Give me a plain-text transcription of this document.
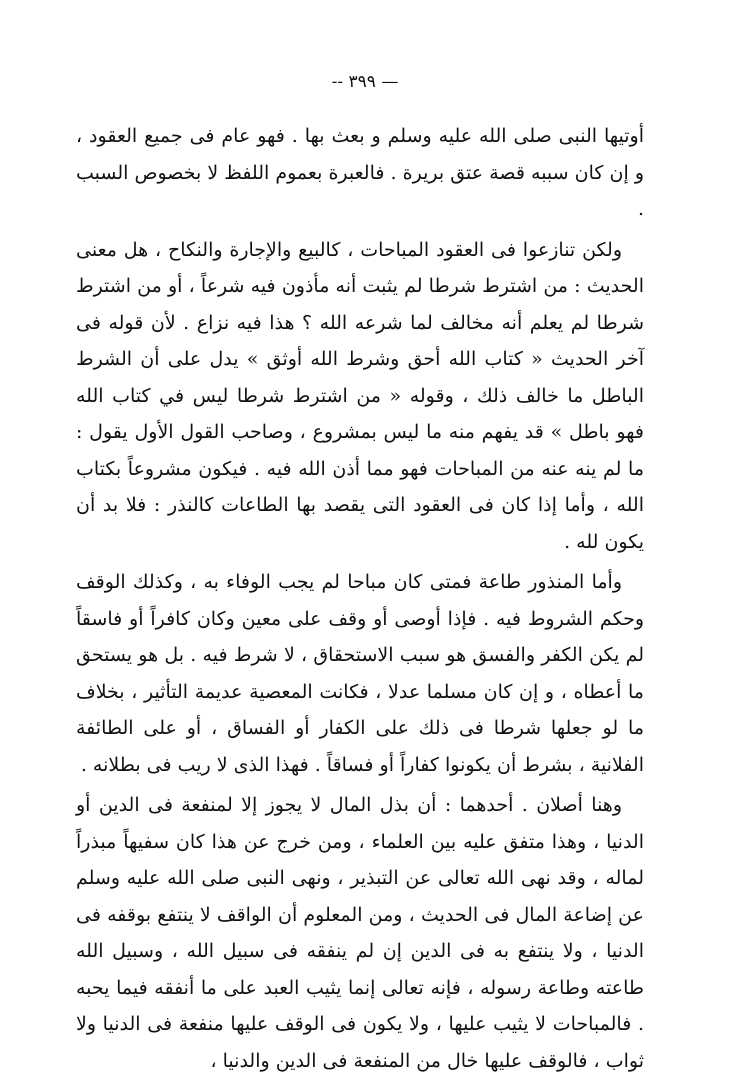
— ٣٩٩ --

أوتيها النبى صلى الله عليه وسلم و بعث بها . فهو عام فى جميع العقود ، و إن كان سببه قصة عتق بريرة . فالعبرة بعموم اللفظ لا بخصوص السبب .

ولكن تنازعوا فى العقود المباحات ، كالبيع والإجارة والنكاح ، هل معنى الحديث : من اشترط شرطا لم يثبت أنه مأذون فيه شرعاً ، أو من اشترط شرطا لم يعلم أنه مخالف لما شرعه الله ؟ هذا فيه نزاع . لأن قوله فى آخر الحديث « كتاب الله أحق وشرط الله أوثق » يدل على أن الشرط الباطل ما خالف ذلك ، وقوله « من اشترط شرطا ليس في كتاب الله فهو باطل » قد يفهم منه ما ليس بمشروع ، وصاحب القول الأول يقول : ما لم ينه عنه من المباحات فهو مما أذن الله فيه . فيكون مشروعاً بكتاب الله ، وأما إذا كان فى العقود التى يقصد بها الطاعات كالنذر : فلا بد أن يكون لله .

وأما المنذور طاعة فمتى كان مباحا لم يجب الوفاء به ، وكذلك الوقف وحكم الشروط فيه . فإذا أوصى أو وقف على معين وكان كافراً أو فاسقاً لم يكن الكفر والفسق هو سبب الاستحقاق ، لا شرط فيه . بل هو يستحق ما أعطاه ، و إن كان مسلما عدلا ، فكانت المعصية عديمة التأثير ، بخلاف ما لو جعلها شرطا فى ذلك على الكفار أو الفساق ، أو على الطائفة الفلانية ، بشرط أن يكونوا كفاراً أو فساقاً . فهذا الذى لا ريب فى بطلانه .

وهنا أصلان . أحدهما : أن بذل المال لا يجوز إلا لمنفعة فى الدين أو الدنيا ، وهذا متفق عليه بين العلماء ، ومن خرج عن هذا كان سفيهاً مبذراً لماله ، وقد نهى الله تعالى عن التبذير ، ونهى النبى صلى الله عليه وسلم عن إضاعة المال فى الحديث ، ومن المعلوم أن الواقف لا ينتفع بوقفه فى الدنيا ، ولا ينتفع به فى الدين إن لم ينفقه فى سبيل الله ، وسبيل الله طاعته وطاعة رسوله ، فإنه تعالى إنما يثيب العبد على ما أنفقه فيما يحبه . فالمباحات لا يثيب عليها ، ولا يكون فى الوقف عليها منفعة فى الدنيا ولا ثواب ، فالوقف عليها خال من المنفعة فى الدين والدنيا ،
